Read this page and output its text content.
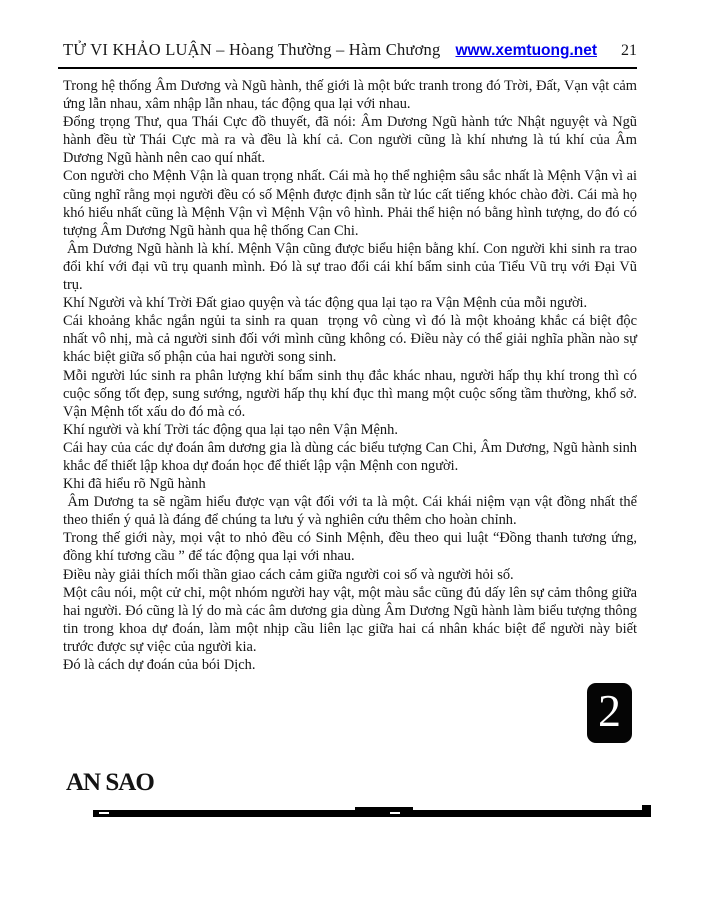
TỬ VI KHẢO LUẬN – Hòang Thường – Hàm Chương www.xemtuong.net 21

Trong hệ thống Âm Dương và Ngũ hành, thế giới là một bức tranh trong đó Trời, Đất, Vạn vật cảm ứng lẫn nhau, xâm nhập lẫn nhau, tác động qua lại với nhau.

Đổng trọng Thư, qua Thái Cực đồ thuyết, đã nói: Âm Dương Ngũ hành tức Nhật nguyệt và Ngũ hành đều từ Thái Cực mà ra và đều là khí cả. Con người cũng là khí nhưng là tú khí của Âm Dương Ngũ hành nên cao quí nhất.

Con người cho Mệnh Vận là quan trọng nhất. Cái mà họ thể nghiệm sâu sắc nhất là Mệnh Vận vì ai cũng nghĩ rằng mọi người đều có số Mệnh được định sẵn từ lúc cất tiếng khóc chào đời. Cái mà họ khó hiểu nhất cũng là Mệnh Vận vì Mệnh Vận vô hình. Phải thể hiện nó bằng hình tượng, do đó có tượng Âm Dương Ngũ hành qua hệ thống Can Chi.

Âm Dương Ngũ hành là khí. Mệnh Vận cũng được biểu hiện bằng khí. Con người khi sinh ra trao đổi khí với đại vũ trụ quanh mình. Đó là sự trao đổi cái khí bẩm sinh của Tiểu Vũ trụ với Đại Vũ trụ.

Khí Người và khí Trời Đất giao quyện và tác động qua lại tạo ra Vận Mệnh của mỗi người.

Cái khoảng khắc ngắn ngủi ta sinh ra quan  trọng vô cùng vì đó là một khoảng khắc cá biệt độc nhất vô nhị, mà cả người sinh đối với mình cũng không có. Điều này có thể giải nghĩa phần nào sự khác biệt giữa số phận của hai người song sinh.

Mỗi người lúc sinh ra phân lượng khí bẩm sinh thụ đắc khác nhau, người hấp thụ khí trong thì có cuộc sống tốt đẹp, sung sướng, người hấp thụ khí đục thì mang một cuộc sống tầm thường, khổ sở. Vận Mệnh tốt xấu do đó mà có.

Khí người và khí Trời tác động qua lại tạo nên Vận Mệnh.

Cái hay của các dự đoán âm dương gia là dùng các biểu tượng Can Chi, Âm Dương, Ngũ hành sinh khắc để thiết lập khoa dự đoán học để thiết lập vận Mệnh con người.

Khi đã hiểu rõ Ngũ hành

Âm Dương ta sẽ ngầm hiểu được vạn vật đối với ta là một. Cái khái niệm vạn vật đồng nhất thể theo thiển ý quả là đáng để chúng ta lưu ý và nghiên cứu thêm cho hoàn chỉnh.

Trong thế giới này, mọi vật to nhỏ đều có Sinh Mệnh, đều theo qui luật “Đồng thanh tương ứng, đồng khí tương cầu ” để tác động qua lại với nhau.

Điều này giải thích mối thần giao cách cảm giữa người coi số và người hỏi số.

Một câu nói, một cử chỉ, một nhóm người hay vật, một màu sắc cũng đủ dấy lên sự cảm thông giữa hai người. Đó cũng là lý do mà các âm dương gia dùng Âm Dương Ngũ hành làm biểu tượng thông tin trong khoa dự đoán, làm một nhịp cầu liên lạc giữa hai cá nhân khác biệt để người này biết trước được sự việc của người kia.

Đó là cách dự đoán của bói Dịch.

2
AN SAO
